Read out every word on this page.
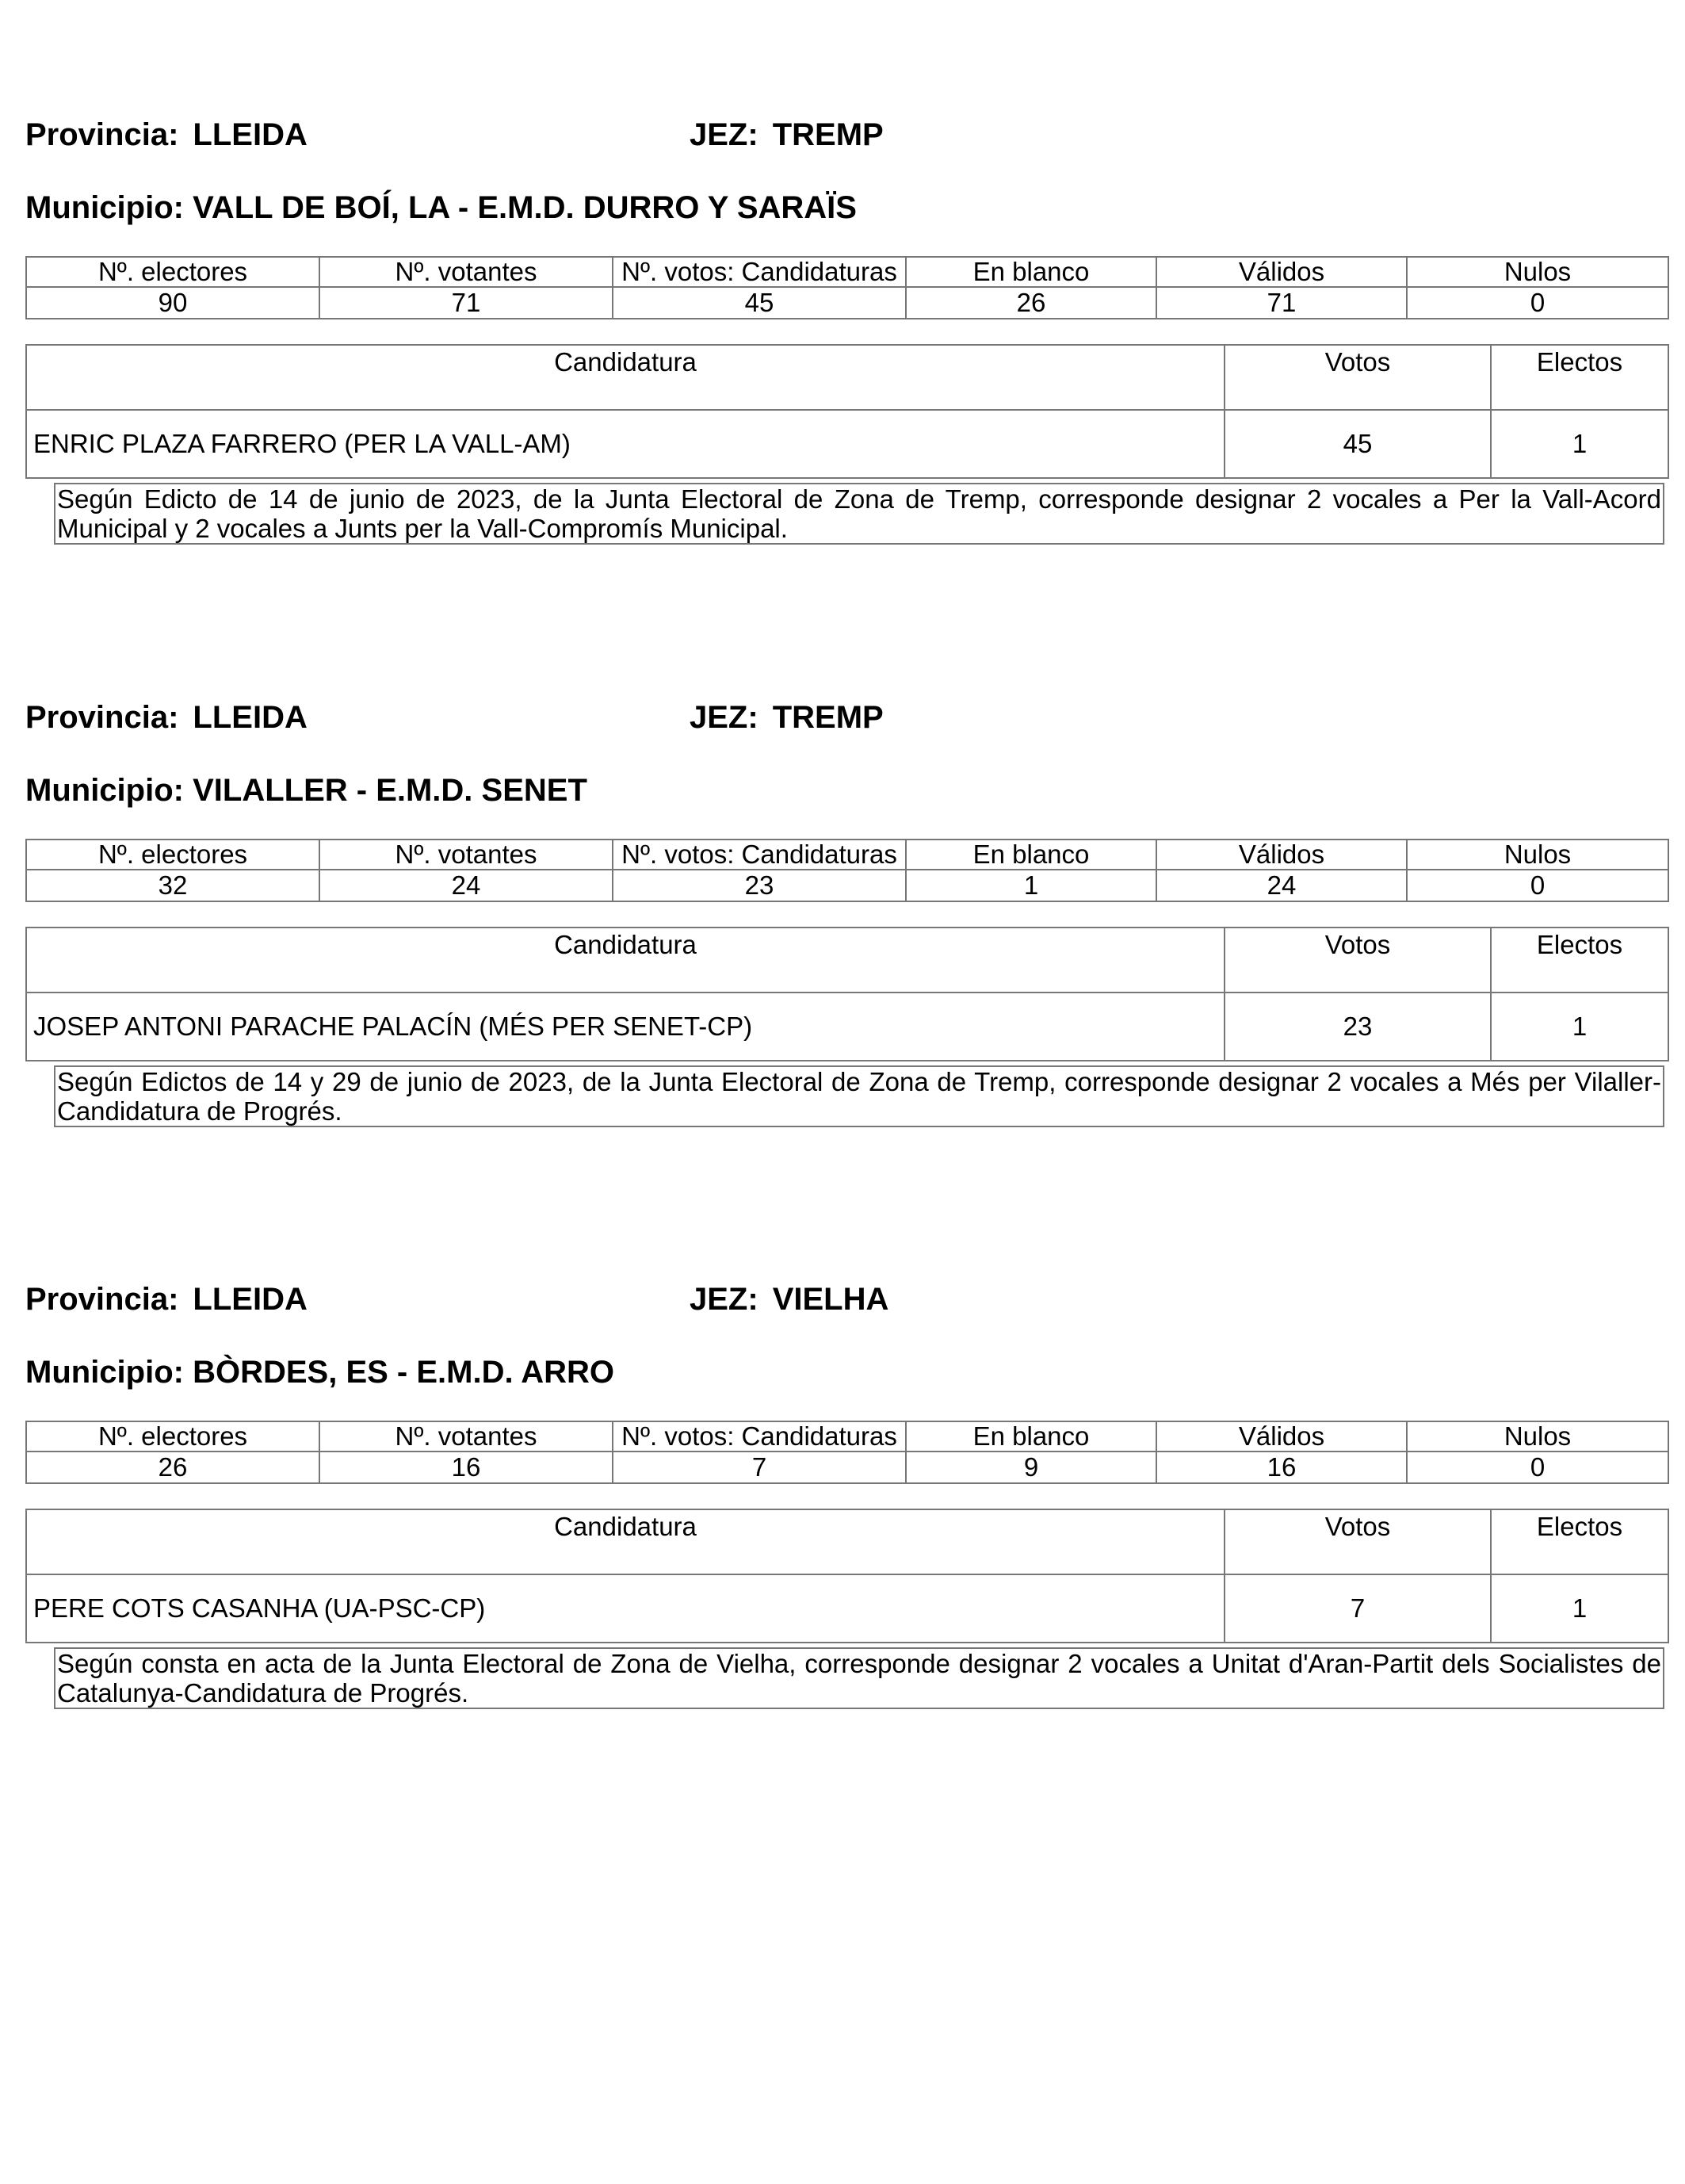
Provincia: LLEIDA	JEZ: TREMP
Municipio: VALL DE BOÍ, LA - E.M.D. DURRO Y SARAÏS
Nº. electores	Nº. votantes	Nº. votos: Candidaturas	En blanco	Válidos	Nulos
90	71	45	26	71	0
Candidatura	Votos	Electos
ENRIC PLAZA FARRERO (PER LA VALL-AM)	45	1
Según Edicto de 14 de junio de 2023, de la Junta Electoral de Zona de Tremp, corresponde designar 2 vocales a Per la Vall-Acord Municipal y 2 vocales a Junts per la Vall-Compromís Municipal.
Provincia: LLEIDA	JEZ: TREMP
Municipio: VILALLER - E.M.D. SENET
Nº. electores	Nº. votantes	Nº. votos: Candidaturas	En blanco	Válidos	Nulos
32	24	23	1	24	0
Candidatura	Votos	Electos
JOSEP ANTONI PARACHE PALACÍN (MÉS PER SENET-CP)	23	1
Según Edictos de 14 y 29 de junio de 2023, de la Junta Electoral de Zona de Tremp, corresponde designar 2 vocales a Més per Vilaller-Candidatura de Progrés.
Provincia: LLEIDA	JEZ: VIELHA
Municipio: BÒRDES, ES - E.M.D. ARRO
Nº. electores	Nº. votantes	Nº. votos: Candidaturas	En blanco	Válidos	Nulos
26	16	7	9	16	0
Candidatura	Votos	Electos
PERE COTS CASANHA (UA-PSC-CP)	7	1
Según consta en acta de la Junta Electoral de Zona de Vielha, corresponde designar 2 vocales a Unitat d'Aran-Partit dels Socialistes de Catalunya-Candidatura de Progrés.
